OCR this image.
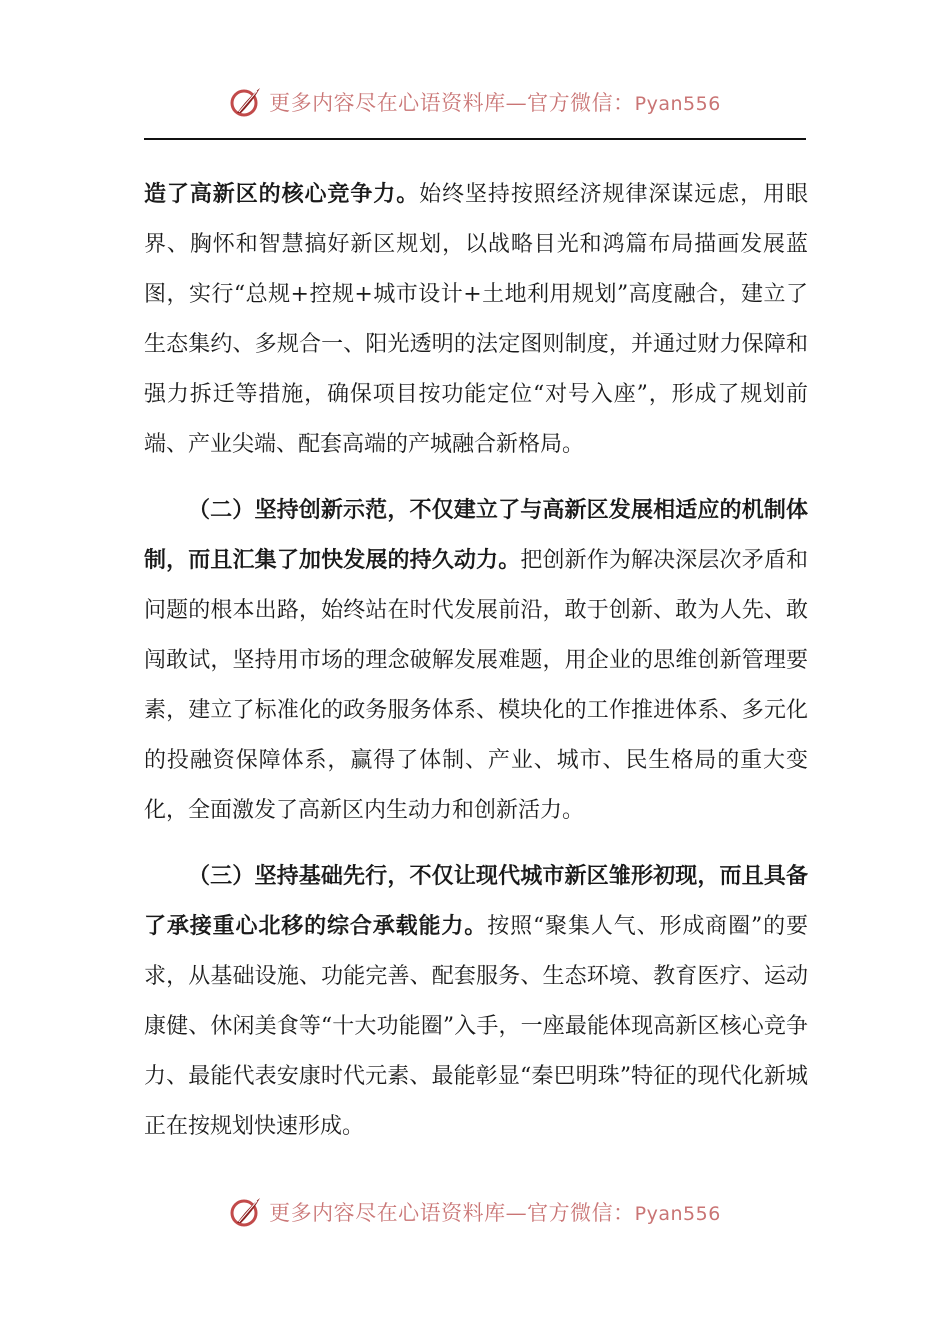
更多内容尽在心语资料库—官方微信：Pyan556

造了高新区的核心竞争力。始终坚持按照经济规律深谋远虑，用眼界、胸怀和智慧搞好新区规划，以战略目光和鸿篇布局描画发展蓝图，实行“总规+控规+城市设计+土地利用规划”高度融合，建立了生态集约、多规合一、阳光透明的法定图则制度，并通过财力保障和强力拆迁等措施，确保项目按功能定位“对号入座”，形成了规划前端、产业尖端、配套高端的产城融合新格局。

（二）坚持创新示范，不仅建立了与高新区发展相适应的机制体制，而且汇集了加快发展的持久动力。把创新作为解决深层次矛盾和问题的根本出路，始终站在时代发展前沿，敢于创新、敢为人先、敢闯敢试，坚持用市场的理念破解发展难题，用企业的思维创新管理要素，建立了标准化的政务服务体系、模块化的工作推进体系、多元化的投融资保障体系，赢得了体制、产业、城市、民生格局的重大变化，全面激发了高新区内生动力和创新活力。

（三）坚持基础先行，不仅让现代城市新区雏形初现，而且具备了承接重心北移的综合承载能力。按照“聚集人气、形成商圈”的要求，从基础设施、功能完善、配套服务、生态环境、教育医疗、运动康健、休闲美食等“十大功能圈”入手，一座最能体现高新区核心竞争力、最能代表安康时代元素、最能彰显“秦巴明珠”特征的现代化新城正在按规划快速形成。

更多内容尽在心语资料库—官方微信：Pyan556
